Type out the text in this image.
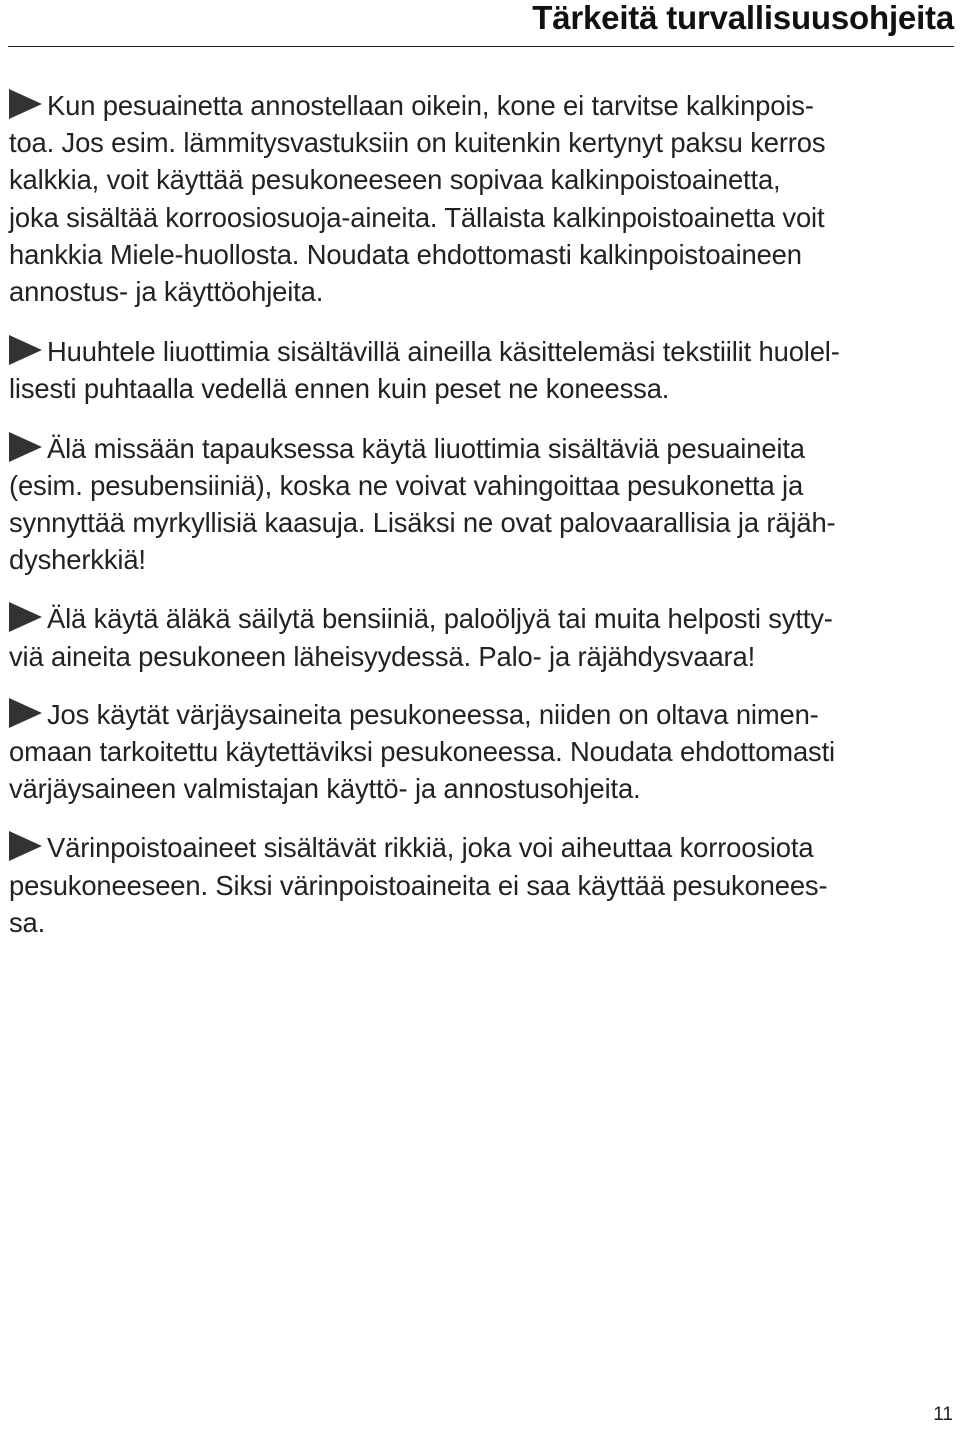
Tärkeitä turvallisuusohjeita

Kun pesuainetta annostellaan oikein, kone ei tarvitse kalkinpois-
toa. Jos esim. lämmitysvastuksiin on kuitenkin kertynyt paksu kerros
kalkkia, voit käyttää pesukoneeseen sopivaa kalkinpoistoainetta,
joka sisältää korroosiosuoja-aineita. Tällaista kalkinpoistoainetta voit
hankkia Miele-huollosta. Noudata ehdottomasti kalkinpoistoaineen
annostus- ja käyttöohjeita.

Huuhtele liuottimia sisältävillä aineilla käsittelemäsi tekstiilit huolel-
lisesti puhtaalla vedellä ennen kuin peset ne koneessa.

Älä missään tapauksessa käytä liuottimia sisältäviä pesuaineita
(esim. pesubensiiniä), koska ne voivat vahingoittaa pesukonetta ja
synnyttää myrkyllisiä kaasuja. Lisäksi ne ovat palovaarallisia ja räjäh-
dysherkkiä!

Älä käytä äläkä säilytä bensiiniä, paloöljyä tai muita helposti sytty-
viä aineita pesukoneen läheisyydessä. Palo- ja räjähdysvaara!

Jos käytät värjäysaineita pesukoneessa, niiden on oltava nimen-
omaan tarkoitettu käytettäviksi pesukoneessa. Noudata ehdottomasti
värjäysaineen valmistajan käyttö- ja annostusohjeita.

Värinpoistoaineet sisältävät rikkiä, joka voi aiheuttaa korroosiota
pesukoneeseen. Siksi värinpoistoaineita ei saa käyttää pesukonees-
sa.

11
